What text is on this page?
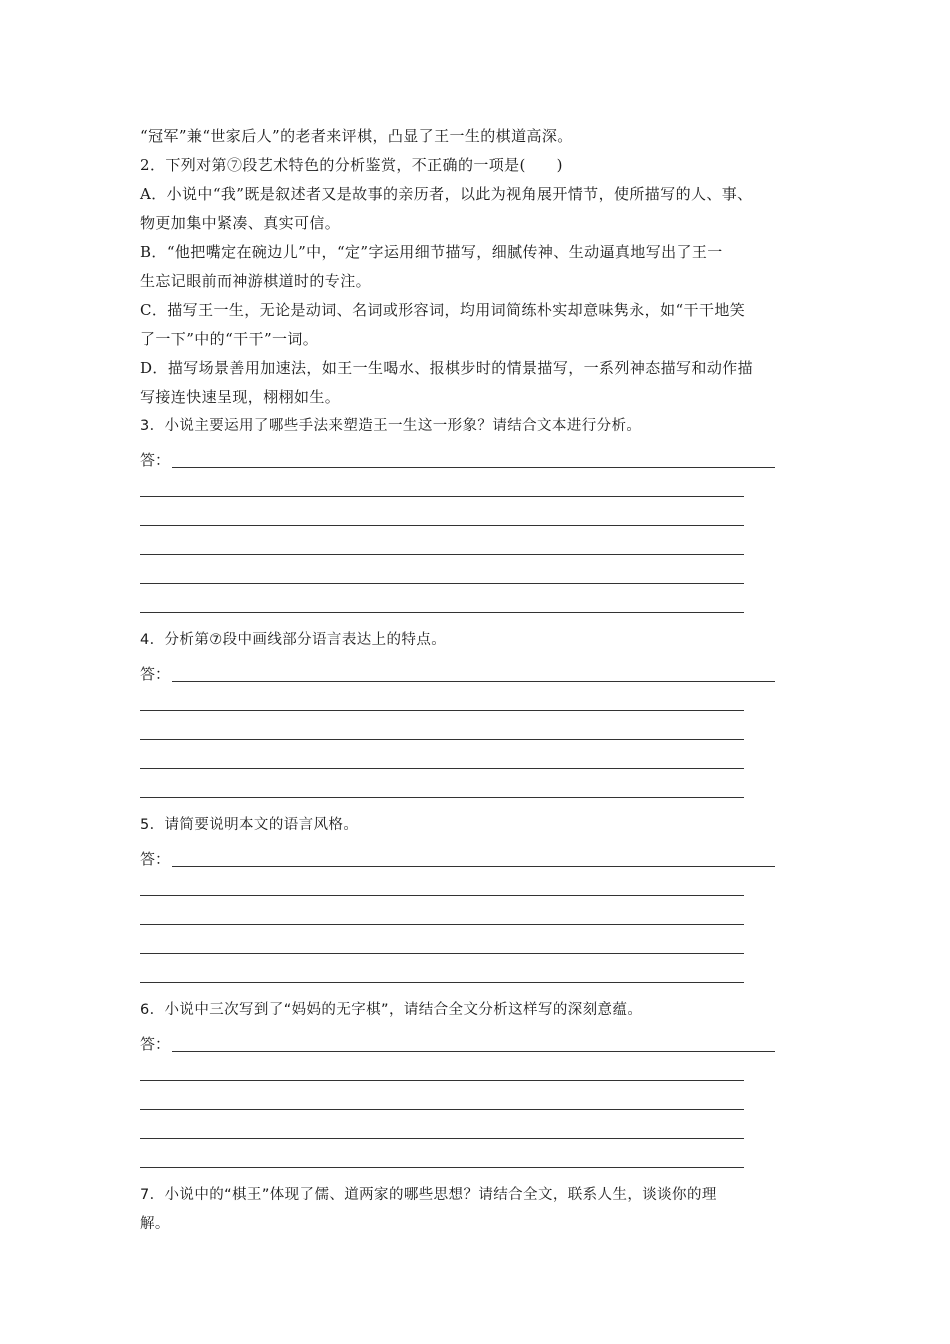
“冠军”兼“世家后人”的老者来评棋，凸显了王一生的棋道高深。
2．下列对第⑦段艺术特色的分析鉴赏，不正确的一项是(　　)
A．小说中“我”既是叙述者又是故事的亲历者，以此为视角展开情节，使所描写的人、事、
物更加集中紧凑、真实可信。
B．“他把嘴定在碗边儿”中，“定”字运用细节描写，细腻传神、生动逼真地写出了王一
生忘记眼前而神游棋道时的专注。
C．描写王一生，无论是动词、名词或形容词，均用词简练朴实却意味隽永，如“干干地笑
了一下”中的“干干”一词。
D．描写场景善用加速法，如王一生喝水、报棋步时的情景描写，一系列神态描写和动作描
写接连快速呈现，栩栩如生。
3．小说主要运用了哪些手法来塑造王一生这一形象？请结合文本进行分析。
答：
4．分析第⑦段中画线部分语言表达上的特点。
答：
5．请简要说明本文的语言风格。
答：
6．小说中三次写到了“妈妈的无字棋”，请结合全文分析这样写的深刻意蕴。
答：
7．小说中的“棋王”体现了儒、道两家的哪些思想？请结合全文，联系人生，谈谈你的理
解。
